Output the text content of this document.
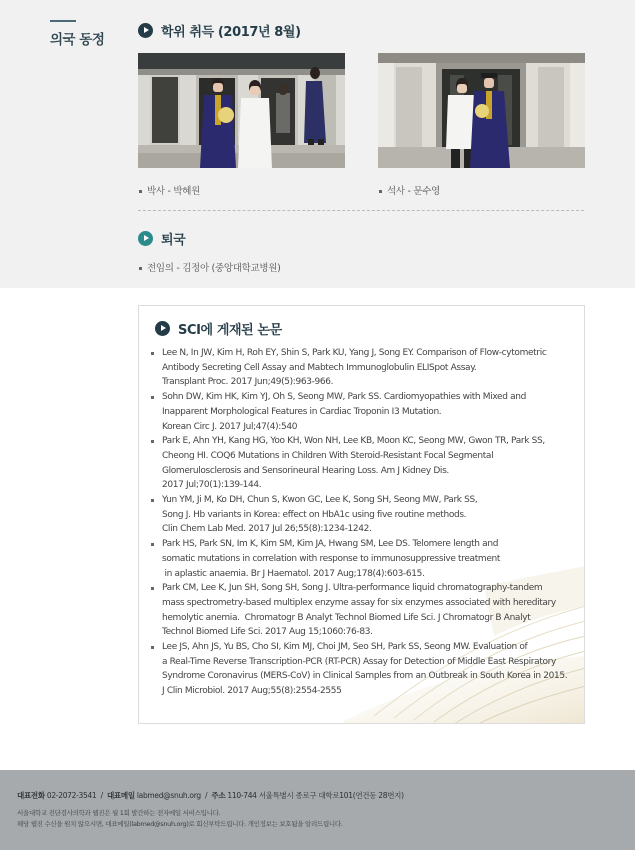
의국 동정	학위 취득 (2017년 8월)
박사 - 박혜원	석사 - 문수영
퇴국
전임의 - 김정아 (중앙대학교병원)
SCI에 게재된 논문
Lee N, In JW, Kim H, Roh EY, Shin S, Park KU, Yang J, Song EY. Comparison of Flow-cytometric
Antibody Secreting Cell Assay and Mabtech Immunoglobulin ELISpot Assay.
Transplant Proc. 2017 Jun;49(5):963-966.
Sohn DW, Kim HK, Kim YJ, Oh S, Seong MW, Park SS. Cardiomyopathies with Mixed and
Inapparent Morphological Features in Cardiac Troponin I3 Mutation.
Korean Circ J. 2017 Jul;47(4):540
Park E, Ahn YH, Kang HG, Yoo KH, Won NH, Lee KB, Moon KC, Seong MW, Gwon TR, Park SS,
Cheong HI. COQ6 Mutations in Children With Steroid-Resistant Focal Segmental
Glomerulosclerosis and Sensorineural Hearing Loss. Am J Kidney Dis.
2017 Jul;70(1):139-144.
Yun YM, Ji M, Ko DH, Chun S, Kwon GC, Lee K, Song SH, Seong MW, Park SS,
Song J. Hb variants in Korea: effect on HbA1c using five routine methods.
Clin Chem Lab Med. 2017 Jul 26;55(8):1234-1242.
Park HS, Park SN, Im K, Kim SM, Kim JA, Hwang SM, Lee DS. Telomere length and
somatic mutations in correlation with response to immunosuppressive treatment
in aplastic anaemia. Br J Haematol. 2017 Aug;178(4):603-615.
Park CM, Lee K, Jun SH, Song SH, Song J. Ultra-performance liquid chromatography-tandem
mass spectrometry-based multiplex enzyme assay for six enzymes associated with hereditary
hemolytic anemia.  Chromatogr B Analyt Technol Biomed Life Sci. J Chromatogr B Analyt
Technol Biomed Life Sci. 2017 Aug 15;1060:76-83.
Lee JS, Ahn JS, Yu BS, Cho SI, Kim MJ, Choi JM, Seo SH, Park SS, Seong MW. Evaluation of
a Real-Time Reverse Transcription-PCR (RT-PCR) Assay for Detection of Middle East Respiratory
Syndrome Coronavirus (MERS-CoV) in Clinical Samples from an Outbreak in South Korea in 2015.
J Clin Microbiol. 2017 Aug;55(8):2554-2555
대표전화 02-2072-3541  /  대표메일 labmed@snuh.org  /  주소 110-744 서울특별시 종로구 대학로101(연건동 28번지)
서울대학교 진단검사의학과 웹진은 월 1회 발간하는 전자메일 서비스입니다.
해당 웹진 수신을 원치 않으시면, 대표메일(labmed@snuh.org)로 회신부탁드립니다. 개인정보는 보호됨을 알려드립니다.
